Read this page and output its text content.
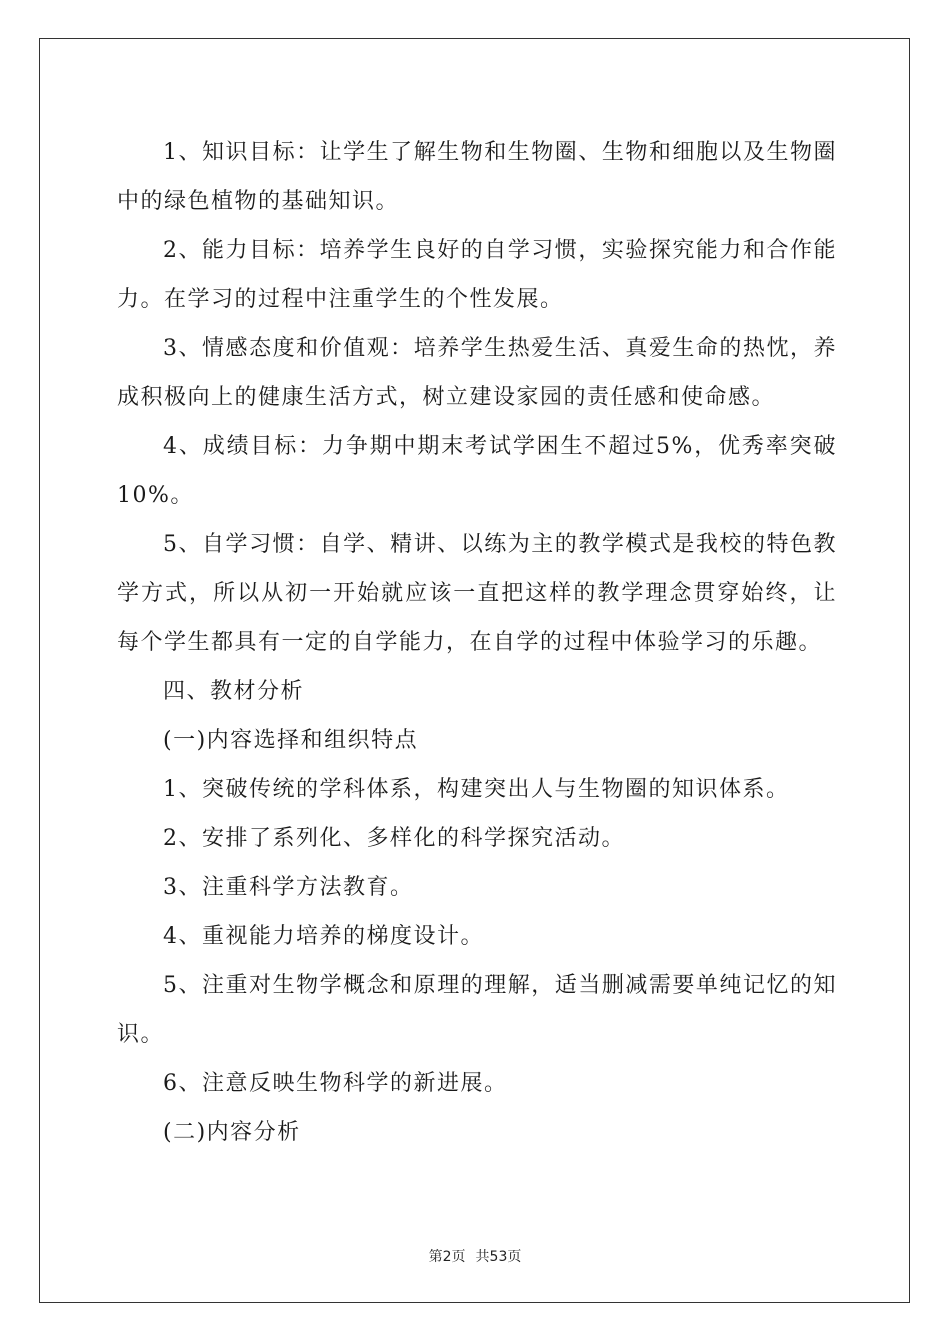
1、知识目标：让学生了解生物和生物圈、生物和细胞以及生物圈中的绿色植物的基础知识。

2、能力目标：培养学生良好的自学习惯，实验探究能力和合作能力。在学习的过程中注重学生的个性发展。

3、情感态度和价值观：培养学生热爱生活、真爱生命的热忱，养成积极向上的健康生活方式，树立建设家园的责任感和使命感。

4、成绩目标：力争期中期末考试学困生不超过5%，优秀率突破10%。

5、自学习惯：自学、精讲、以练为主的教学模式是我校的特色教学方式，所以从初一开始就应该一直把这样的教学理念贯穿始终，让每个学生都具有一定的自学能力，在自学的过程中体验学习的乐趣。

四、教材分析

(一)内容选择和组织特点

1、突破传统的学科体系，构建突出人与生物圈的知识体系。

2、安排了系列化、多样化的科学探究活动。

3、注重科学方法教育。

4、重视能力培养的梯度设计。

5、注重对生物学概念和原理的理解，适当删减需要单纯记忆的知识。

6、注意反映生物科学的新进展。

(二)内容分析

第2页 共53页
